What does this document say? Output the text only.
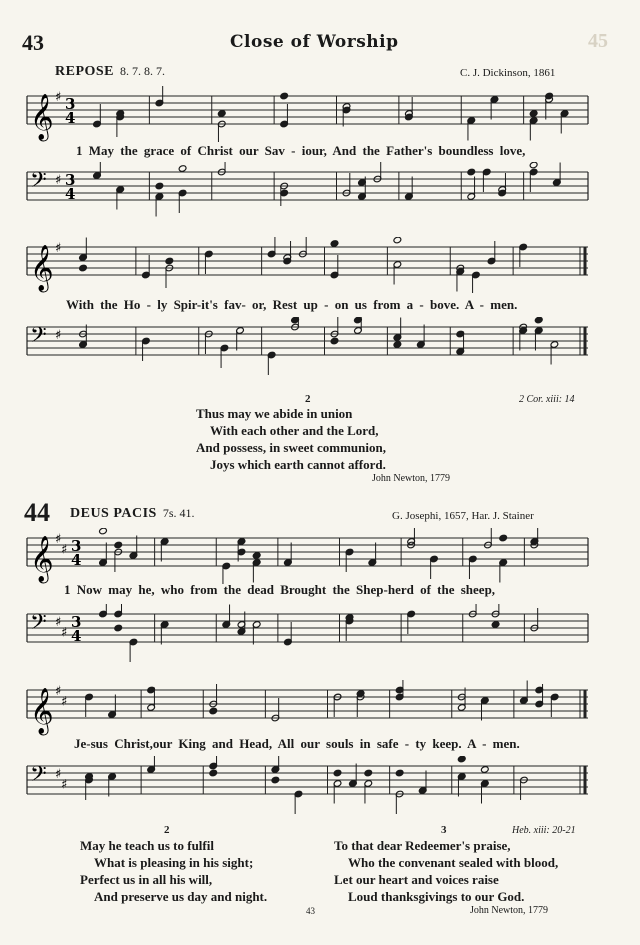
43	Close of Worship	45
REPOSE 8. 7. 8. 7.	C. J. Dickinson, 1861
𝄞 ♯ 3
4
1 May the grace of Christ our Sav - iour, And the Father's boundless love,
𝄢 ♯ 3
4
𝄞 ♯
With the Ho - ly Spir-it's fav- or, Rest up - on us from a - bove. A - men.
𝄢 ♯
2	2 Cor. xiii: 14
Thus may we abide in union
With each other and the Lord,
And possess, in sweet communion,
Joys which earth cannot afford.
John Newton, 1779
44 DEUS PACIS 7s. 41.	G. Josephi, 1657, Har. J. Stainer
𝄞 ♯
♯ 3
4
1 Now may he, who from the dead Brought the Shep-herd of the sheep,
𝄢 ♯
♯
3
4
𝄞 ♯
♯
Je-sus Christ,our King and Head, All our souls in safe - ty keep. A - men.
𝄢 ♯
♯
2
May he teach us to fulfil
What is pleasing in his sight;
Perfect us in all his will,
And preserve us day and night.
3	Heb. xiii: 20-21
To that dear Redeemer's praise,
Who the convenant sealed with blood,
Let our heart and voices raise
Loud thanksgivings to our God.
John Newton, 1779
43
